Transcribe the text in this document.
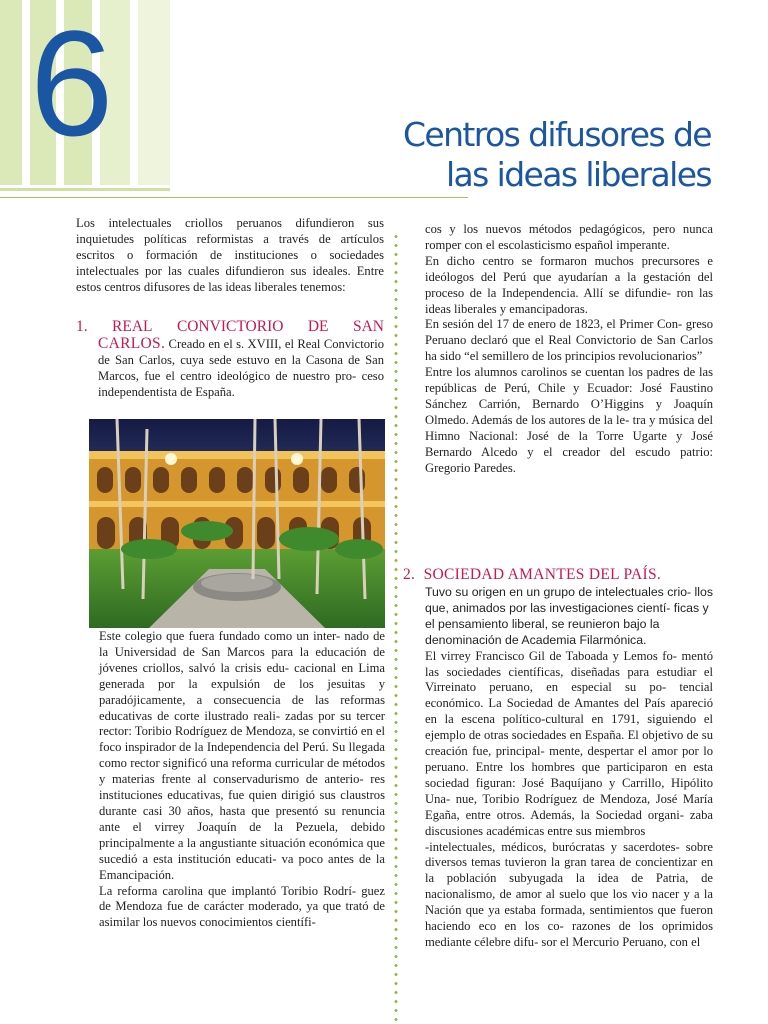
6	Centros difusores de
las ideas liberales

Los intelectuales criollos peruanos difundieron sus inquietudes políticas reformistas a través de artículos escritos o formación de instituciones o sociedades intelectuales por las cuales difundieron sus ideales. Entre estos centros difusores de las ideas liberales tenemos:

1. REAL CONVICTORIO DE SAN

CARLOS. Creado en el s. XVIII, el Real Convictorio de San Carlos, cuya sede estuvo en la Casona de San Marcos, fue el centro ideológico de nuestro pro- ceso independentista de España.

Este colegio que fuera fundado como un inter- nado de la Universidad de San Marcos para la educación de jóvenes criollos, salvó la crisis edu- cacional en Lima generada por la expulsión de los jesuitas y paradójicamente, a consecuencia de las reformas educativas de corte ilustrado reali- zadas por su tercer rector: Toribio Rodríguez de Mendoza, se convirtió en el foco inspirador de la Independencia del Perú. Su llegada como rector significó una reforma curricular de métodos y materias frente al conservadurismo de anterio- res instituciones educativas, fue quien dirigió sus claustros durante casi 30 años, hasta que presentó su renuncia ante el virrey Joaquín de la Pezuela, debido principalmente a la angustiante situación económica que sucedió a esta institución educati- va poco antes de la Emancipación.

La reforma carolina que implantó Toribio Rodrí- guez de Mendoza fue de carácter moderado, ya que trató de asimilar los nuevos conocimientos científi-

cos y los nuevos métodos pedagógicos, pero nunca romper con el escolasticismo español imperante.

En dicho centro se formaron muchos precursores e ideólogos del Perú que ayudarían a la gestación del proceso de la Independencia. Allí se difundie- ron las ideas liberales y emancipadoras.

En sesión del 17 de enero de 1823, el Primer Con- greso Peruano declaró que el Real Convictorio de San Carlos ha sido “el semillero de los principios revolucionarios”

Entre los alumnos carolinos se cuentan los padres de las repúblicas de Perú, Chile y Ecuador: José Faustino Sánchez Carrión, Bernardo O’Higgins y Joaquín Olmedo. Además de los autores de la le- tra y música del Himno Nacional: José de la Torre Ugarte y José Bernardo Alcedo y el creador del escudo patrio: Gregorio Paredes.

2. SOCIEDAD AMANTES DEL PAÍS.

Tuvo su origen en un grupo de intelectuales crio- llos que, animados por las investigaciones cientí- ficas y el pensamiento liberal, se reunieron bajo la denominación de Academia Filarmónica.

El virrey Francisco Gil de Taboada y Lemos fo- mentó las sociedades científicas, diseñadas para estudiar el Virreinato peruano, en especial su po- tencial económico. La Sociedad de Amantes del País apareció en la escena político-cultural en 1791, siguiendo el ejemplo de otras sociedades en España. El objetivo de su creación fue, principal- mente, despertar el amor por lo peruano. Entre los hombres que participaron en esta sociedad figuran: José Baquíjano y Carrillo, Hipólito Una- nue, Toribio Rodríguez de Mendoza, José María Egaña, entre otros. Además, la Sociedad organi- zaba discusiones académicas entre sus miembros

-intelectuales, médicos, burócratas y sacerdotes- sobre diversos temas tuvieron la gran tarea de concientizar en la población subyugada la idea de Patria, de nacionalismo, de amor al suelo que los vio nacer y a la Nación que ya estaba formada, sentimientos que fueron haciendo eco en los co- razones de los oprimidos mediante célebre difu- sor el Mercurio Peruano, con el
